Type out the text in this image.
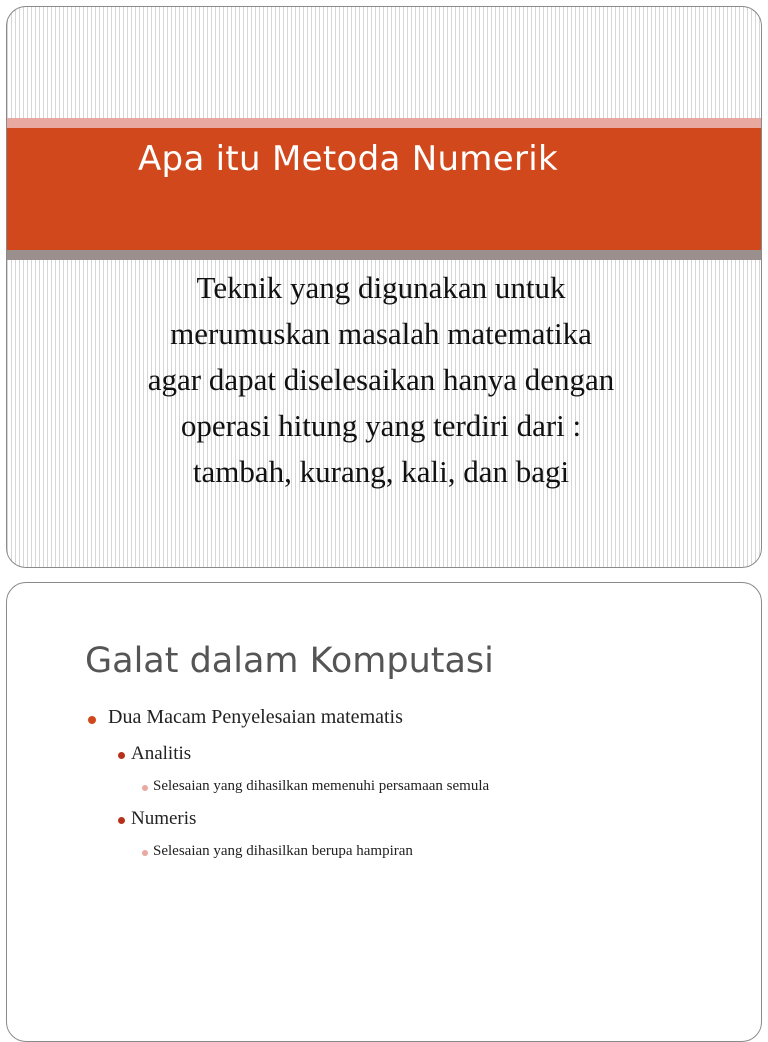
Apa itu Metoda Numerik
Teknik yang digunakan untuk
merumuskan masalah matematika
agar dapat diselesaikan hanya dengan
operasi hitung yang terdiri dari :
tambah, kurang, kali, dan bagi
Galat dalam Komputasi

Dua Macam Penyelesaian matematis

Analitis

Selesaian yang dihasilkan memenuhi persamaan semula

Numeris

Selesaian yang dihasilkan berupa hampiran
